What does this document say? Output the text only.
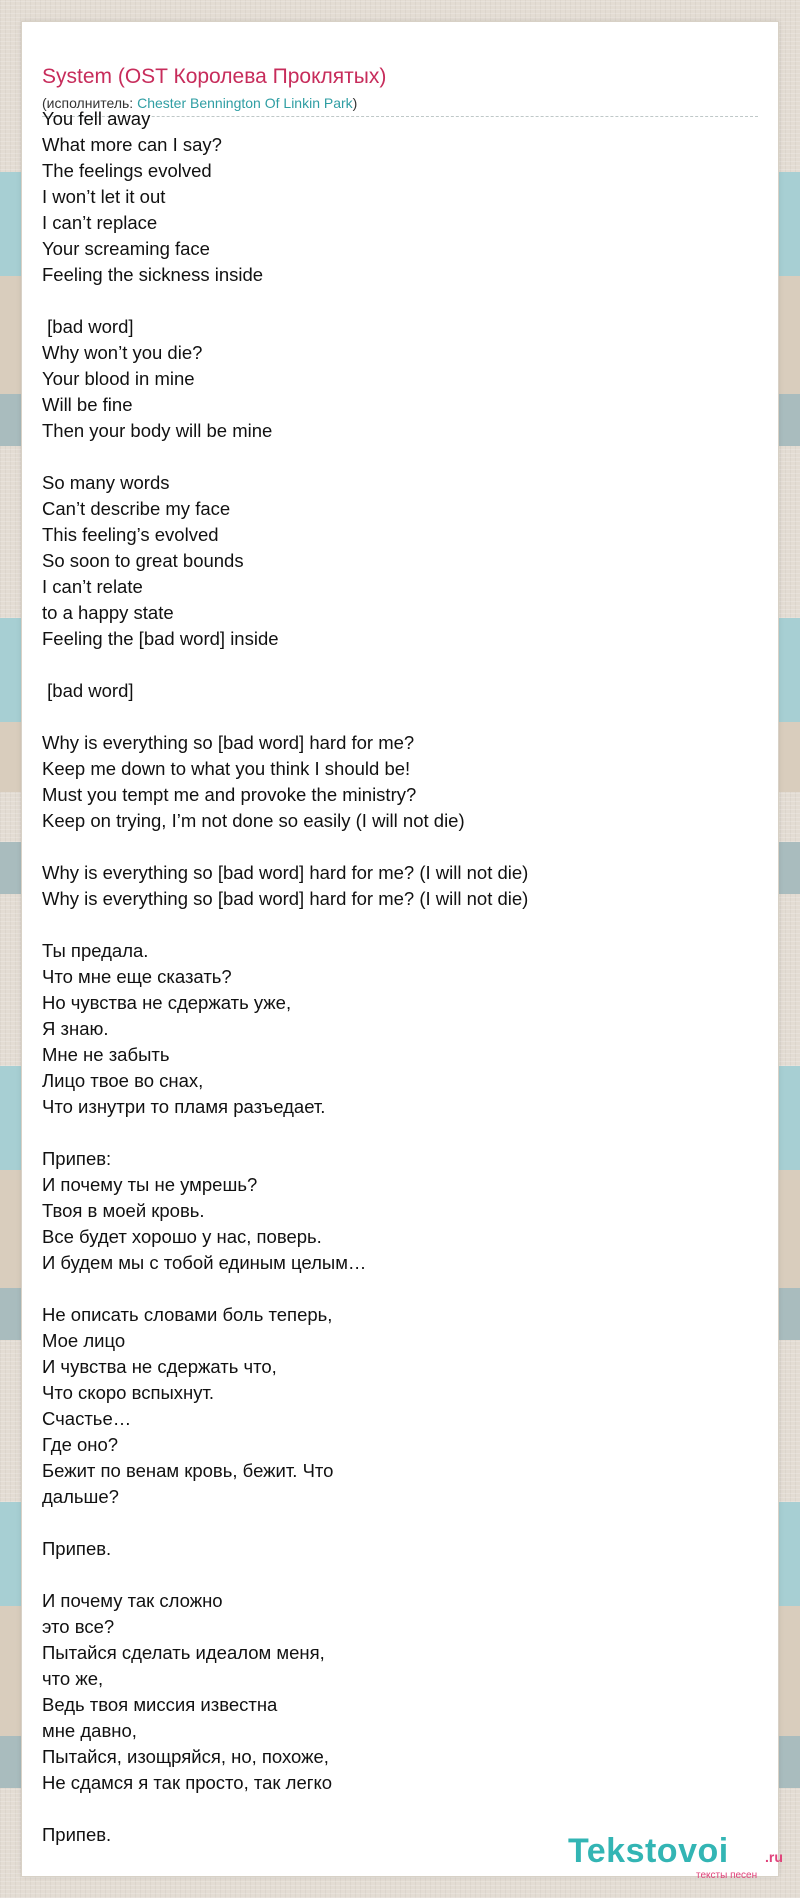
System (OST Королева Проклятых)
(исполнитель: Chester Bennington Of Linkin Park)
You fell away
What more can I say?
The feelings evolved
I won’t let it out
I can’t replace
Your screaming face
Feeling the sickness inside
[bad word]
Why won’t you die?
Your blood in mine
Will be fine
Then your body will be mine
So many words
Can’t describe my face
This feeling’s evolved
So soon to great bounds
I can’t relate
to a happy state
Feeling the [bad word] inside
[bad word]
Why is everything so [bad word] hard for me?
Keep me down to what you think I should be!
Must you tempt me and provoke the ministry?
Keep on trying, I’m not done so easily (I will not die)
Why is everything so [bad word] hard for me? (I will not die)
Why is everything so [bad word] hard for me? (I will not die)
Ты предала.
Что мне еще сказать?
Но чувства не сдержать уже,
Я знаю.
Мне не забыть
Лицо твое во снах,
Что изнутри то пламя разъедает.
Припев:
И почему ты не умрешь?
Твоя в моей кровь.
Все будет хорошо у нас, поверь.
И будем мы с тобой единым целым…
Не описать словами боль теперь,
Мое лицо
И чувства не сдержать что,
Что скоро вспыхнут.
Счастье…
Где оно?
Бежит по венам кровь, бежит. Что
дальше?
Припев.
И почему так сложно
это все?
Пытайся сделать идеалом меня,
что же,
Ведь твоя миссия известна
мне давно,
Пытайся, изощряйся, но, похоже,
Не сдамся я так просто, так легко
Припев.	Tekstovoi	.ru
тексты песен
